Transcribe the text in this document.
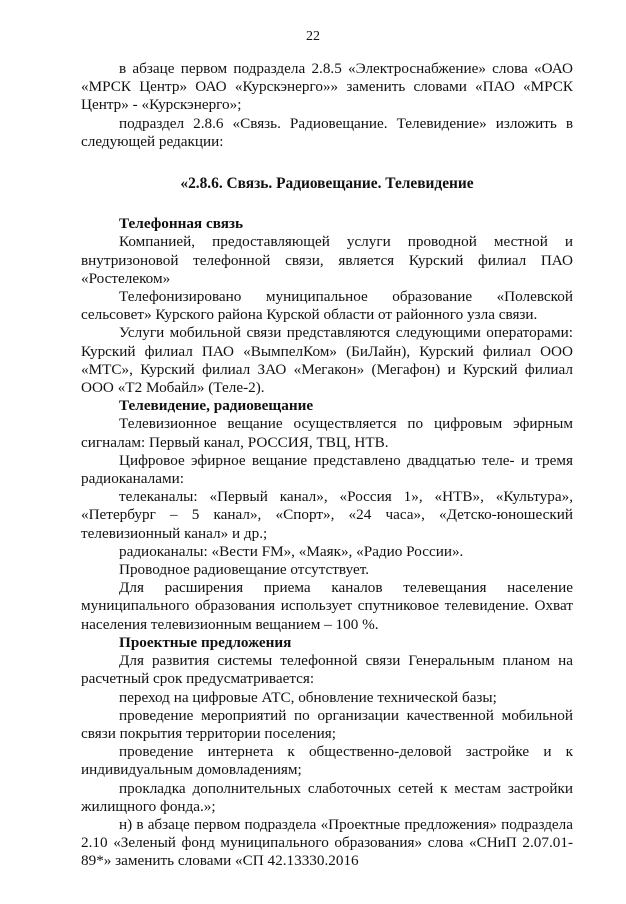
22

в абзаце первом подраздела 2.8.5 «Электроснабжение» слова «ОАО «МРСК Центр» ОАО «Курскэнерго»» заменить словами «ПАО «МРСК Центр» - «Курскэнерго»;

подраздел 2.8.6 «Связь. Радиовещание. Телевидение» изложить в следующей редакции:

«2.8.6. Связь. Радиовещание. Телевидение

Телефонная связь

Компанией, предоставляющей услуги проводной местной и внутризоновой телефонной связи, является Курский филиал ПАО «Ростелеком»

Телефонизировано муниципальное образование «Полевской сельсовет» Курского района Курской области от районного узла связи.

Услуги мобильной связи представляются следующими операторами: Курский филиал ПАО «ВымпелКом» (БиЛайн), Курский филиал ООО «МТС», Курский филиал ЗАО «Мегакон» (Мегафон) и Курский филиал ООО «Т2 Мобайл» (Теле-2).

Телевидение, радиовещание

Телевизионное вещание осуществляется по цифровым эфирным сигналам: Первый канал, РОССИЯ, ТВЦ, НТВ.

Цифровое эфирное вещание представлено двадцатью теле- и тремя радиоканалами:

телеканалы: «Первый канал», «Россия 1», «НТВ», «Культура», «Петербург – 5 канал», «Спорт», «24 часа», «Детско-юношеский телевизионный канал» и др.;

радиоканалы: «Вести FM», «Маяк», «Радио России».

Проводное радиовещание отсутствует.

Для расширения приема каналов телевещания население муниципального образования использует спутниковое телевидение. Охват населения телевизионным вещанием – 100 %.

Проектные предложения

Для развития системы телефонной связи Генеральным планом на расчетный срок предусматривается:

переход на цифровые АТС, обновление технической базы;

проведение мероприятий по организации качественной мобильной связи покрытия территории поселения;

проведение интернета к общественно-деловой застройке и к индивидуальным домовладениям;

прокладка дополнительных слаботочных сетей к местам застройки жилищного фонда.»;

н) в абзаце первом подраздела «Проектные предложения» подраздела 2.10 «Зеленый фонд муниципального образования» слова «СНиП 2.07.01-89*» заменить словами «СП 42.13330.2016
